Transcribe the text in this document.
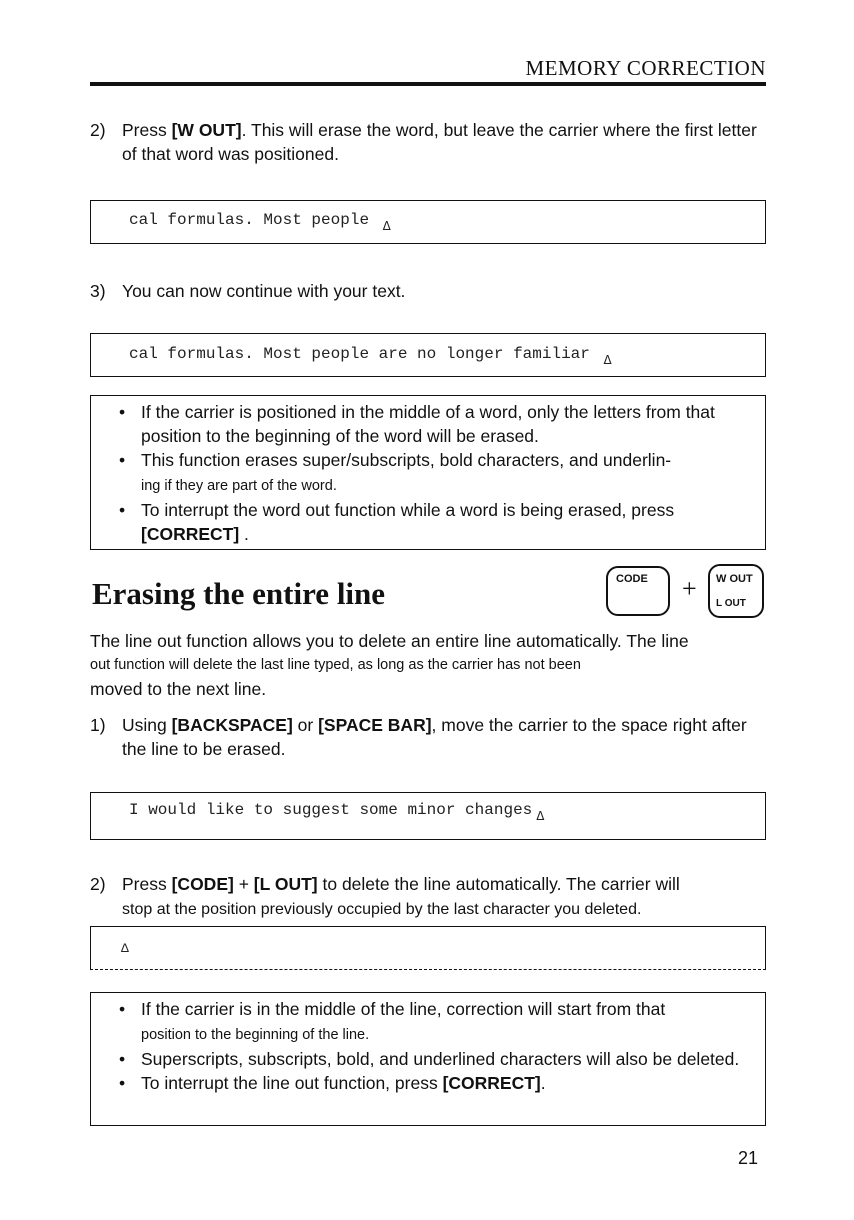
MEMORY CORRECTION
2) Press [W OUT]. This will erase the word, but leave the carrier where the first letter of that word was positioned.
cal formulas. Most people $_\Delta$
3) You can now continue with your text.
cal formulas. Most people are no longer familiar $_\Delta$
• If the carrier is positioned in the middle of a word, only the letters from that position to the beginning of the word will be erased.
• This function erases super/subscripts, bold characters, and underlin-
ing if they are part of the word.
• To interrupt the word out function while a word is being erased, press
[CORRECT] .
Erasing the entire line	CODE + W OUT
L OUT
The line out function allows you to delete an entire line automatically. The line
out function will delete the last line typed, as long as the carrier has not been
moved to the next line.
1) Using [BACKSPACE] or [SPACE BAR], move the carrier to the space right after the line to be erased.
I would like to suggest some minor changes $_\Delta$
2) Press [CODE] + [L OUT] to delete the line automatically. The carrier will
stop at the position previously occupied by the last character you deleted.
Δ
• If the carrier is in the middle of the line, correction will start from that
position to the beginning of the line.
• Superscripts, subscripts, bold, and underlined characters will also be deleted.
• To interrupt the line out function, press [CORRECT].
21
